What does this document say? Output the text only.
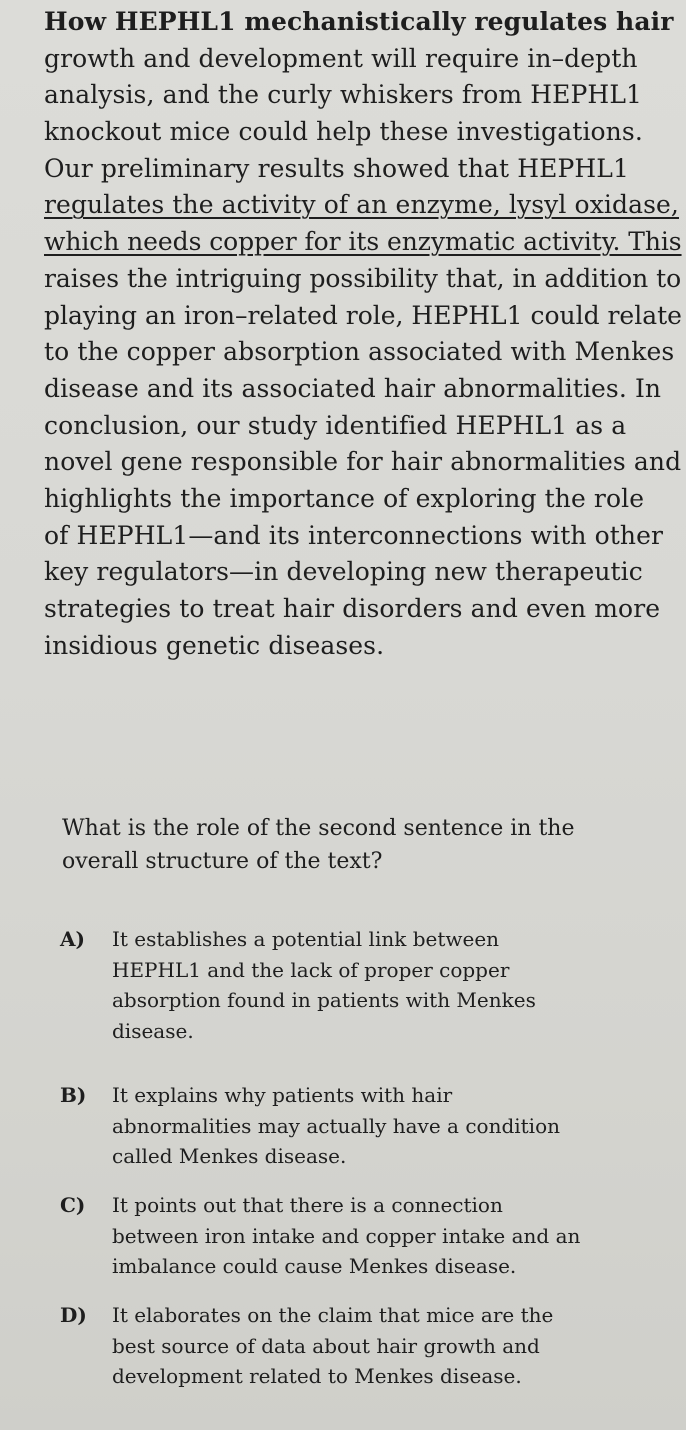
How HEPHL1 mechanistically regulates hair
growth and development will require in–depth
analysis, and the curly whiskers from HEPHL1
knockout mice could help these investigations.
Our preliminary results showed that HEPHL1
regulates the activity of an enzyme, lysyl oxidase,
which needs copper for its enzymatic activity. This
raises the intriguing possibility that, in addition to
playing an iron–related role, HEPHL1 could relate
to the copper absorption associated with Menkes
disease and its associated hair abnormalities. In
conclusion, our study identified HEPHL1 as a
novel gene responsible for hair abnormalities and
highlights the importance of exploring the role
of HEPHL1—and its interconnections with other
key regulators—in developing new therapeutic
strategies to treat hair disorders and even more
insidious genetic diseases.
What is the role of the second sentence in the
overall structure of the text?
A) It establishes a potential link between
HEPHL1 and the lack of proper copper
absorption found in patients with Menkes
disease.
B) It explains why patients with hair
abnormalities may actually have a condition
called Menkes disease.
C) It points out that there is a connection
between iron intake and copper intake and an
imbalance could cause Menkes disease.
D) It elaborates on the claim that mice are the
best source of data about hair growth and
development related to Menkes disease.
